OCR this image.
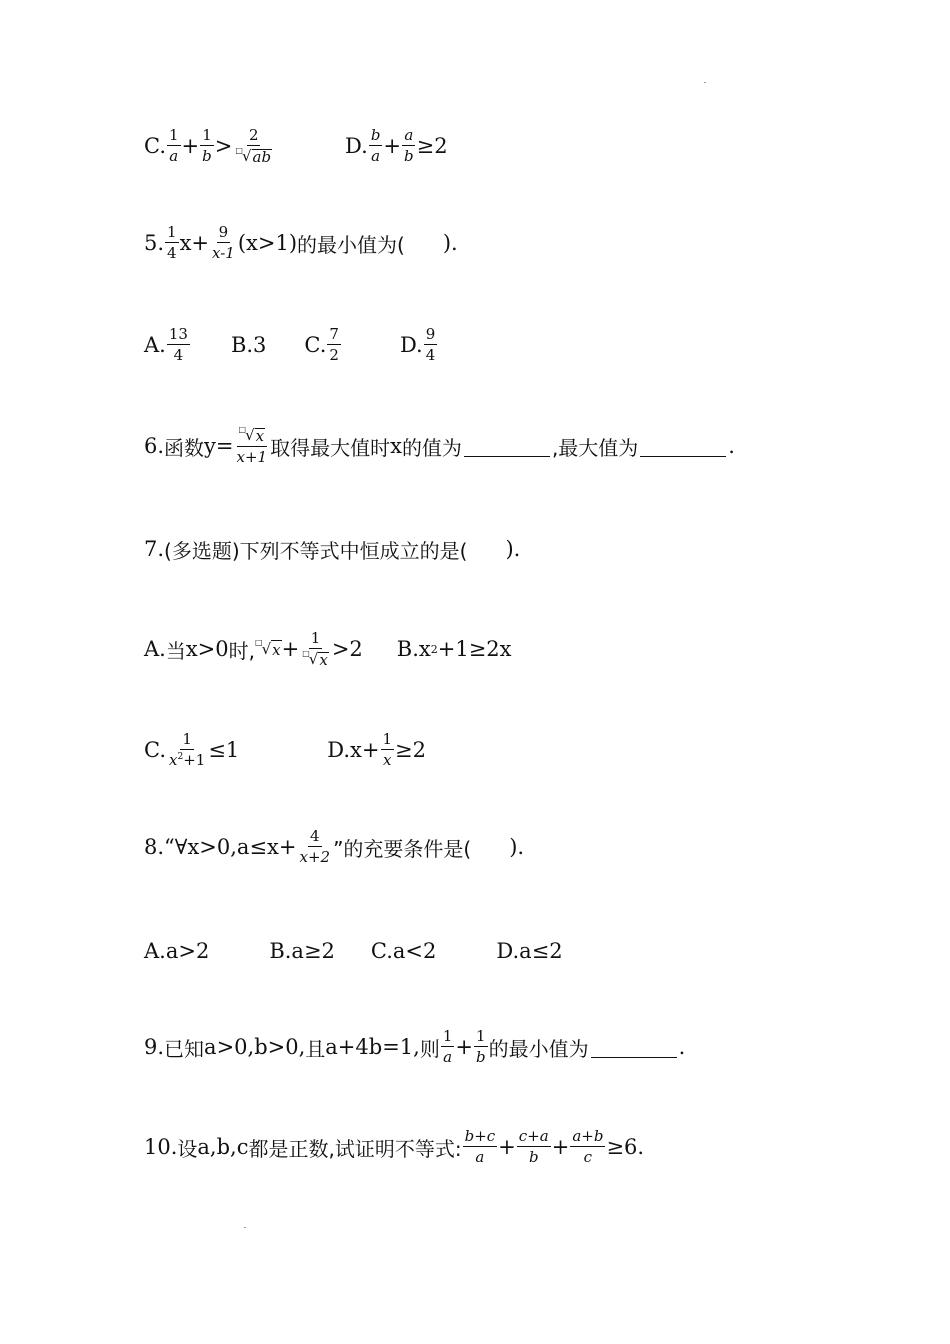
C. $\frac{1}{a} + \frac{1}{b} > \frac{2}{□ √ ab}$	D. $\frac{b}{a} + \frac{a}{b} \ge 2$
5. $\frac{1}{4} x+ \frac{9}{x-1} (x>1)$ 的最小值为( ).
A. $\frac{13}{4} B.3$ C. $\frac{7}{2}$	D. $\frac{9}{4}$
6. 函数 $y= \frac{□ √ x}{x+1}$ 取得最大值时 x 的值为	,最大值为	.
7. (多选题)下列不等式中恒成立的是( ).
A. 当 x>0 时, □ √ $x + \frac{1}{□ √ x} >2$ B.x 2 +1≥2x
C. $\frac{1}{x^2+1} \le 1$	$D.x+ \frac{1}{x} \ge 2$
8.“∀x>0,a≤x+ $\frac{4}{x+2}$ ”的充要条件是( ).
A.a>2	B.a≥2 C.a<2	D.a≤2
9. 已知 a>0,b>0, 且 a+4b=1, 则 $\frac{1}{a} + \frac{1}{b}$ 的最小值为	.
10. 设 a,b,c 都是正数,试证明不等式: $\frac{b+c}{a} + \frac{c+a}{b} + \frac{a+b}{c} \ge 6$.
